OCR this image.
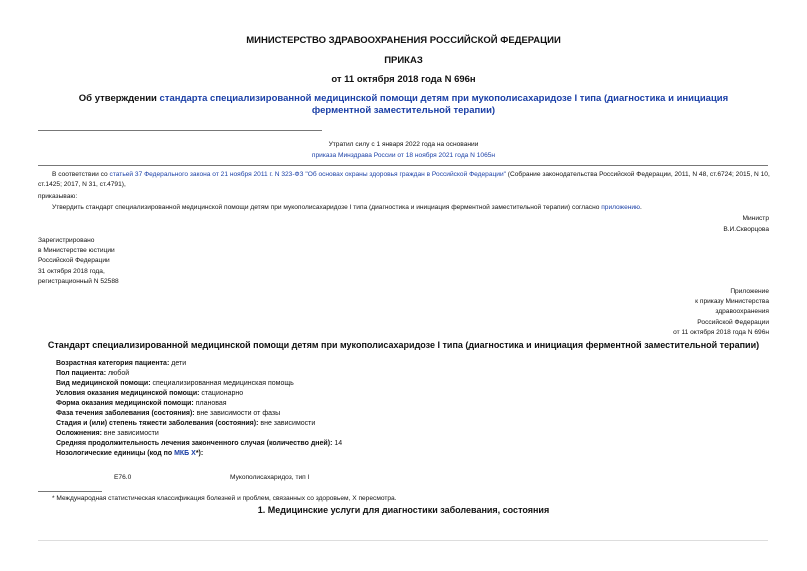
МИНИСТЕРСТВО ЗДРАВООХРАНЕНИЯ РОССИЙСКОЙ ФЕДЕРАЦИИ
ПРИКАЗ
от 11 октября 2018 года N 696н
Об утверждении стандарта специализированной медицинской помощи детям при мукополисахаридозе I типа (диагностика и инициация ферментной заместительной терапии)
Утратил силу с 1 января 2022 года на основании
приказа Минздрава России от 18 ноября 2021 года N 1065н
В соответствии со статьей 37 Федерального закона от 21 ноября 2011 г. N 323-ФЗ "Об основах охраны здоровья граждан в Российской Федерации" (Собрание законодательства Российской Федерации, 2011, N 48, ст.6724; 2015, N 10, ст.1425; 2017, N 31, ст.4791),
приказываю:
Утвердить стандарт специализированной медицинской помощи детям при мукополисахаридозе I типа (диагностика и инициация ферментной заместительной терапии) согласно приложению.
Министр
В.И.Скворцова
Зарегистрировано
в Министерстве юстиции
Российской Федерации
31 октября 2018 года,
регистрационный N 52588
Приложение
к приказу Министерства
здравоохранения
Российской Федерации
от 11 октября 2018 года N 696н
Стандарт специализированной медицинской помощи детям при мукополисахаридозе I типа (диагностика и инициация ферментной заместительной терапии)
Возрастная категория пациента: дети
Пол пациента: любой
Вид медицинской помощи: специализированная медицинская помощь
Условия оказания медицинской помощи: стационарно
Форма оказания медицинской помощи: плановая
Фаза течения заболевания (состояния): вне зависимости от фазы
Стадия и (или) степень тяжести заболевания (состояния): вне зависимости
Осложнения: вне зависимости
Средняя продолжительность лечения законченного случая (количество дней): 14
Нозологические единицы (код по МКБ X*):
E76.0	Мукополисахаридоз, тип I
* Международная статистическая классификация болезней и проблем, связанных со здоровьем, X пересмотра.
1. Медицинские услуги для диагностики заболевания, состояния
